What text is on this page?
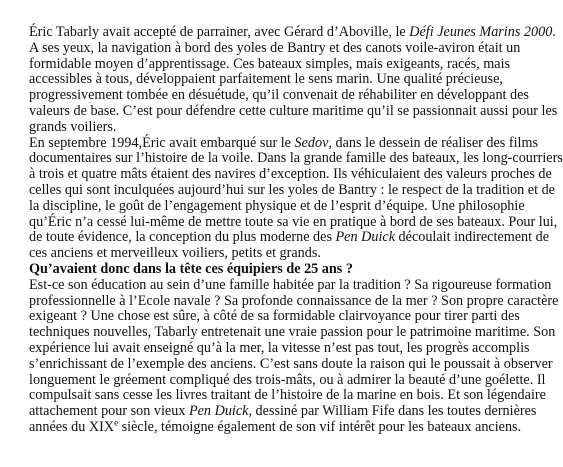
Éric Tabarly avait accepté de parrainer, avec Gérard d’Aboville, le Défi Jeunes Marins 2000.
A ses yeux, la navigation à bord des yoles de Bantry et des canots voile-aviron était un
formidable moyen d’apprentissage. Ces bateaux simples, mais exigeants, racés, mais
accessibles à tous, développaient parfaitement le sens marin. Une qualité précieuse,
progressivement tombée en désuétude, qu’il convenait de réhabiliter en développant des
valeurs de base. C’est pour défendre cette culture maritime qu’il se passionnait aussi pour les
grands voiliers.
En septembre 1994,Éric avait embarqué sur le Sedov, dans le dessein de réaliser des films
documentaires sur l’histoire de la voile. Dans la grande famille des bateaux, les long-courriers
à trois et quatre mâts étaient des navires d’exception. Ils véhiculaient des valeurs proches de
celles qui sont inculquées aujourd’hui sur les yoles de Bantry : le respect de la tradition et de
la discipline, le goût de l’engagement physique et de l’esprit d’équipe. Une philosophie
qu’Éric n’a cessé lui-même de mettre toute sa vie en pratique à bord de ses bateaux. Pour lui,
de toute évidence, la conception du plus moderne des Pen Duick découlait indirectement de
ces anciens et merveilleux voiliers, petits et grands.
Qu’avaient donc dans la tête ces équipiers de 25 ans ?
Est-ce son éducation au sein d’une famille habitée par la tradition ? Sa rigoureuse formation
professionnelle à l’Ecole navale ? Sa profonde connaissance de la mer ? Son propre caractère
exigeant ? Une chose est sûre, à côté de sa formidable clairvoyance pour tirer parti des
techniques nouvelles, Tabarly entretenait une vraie passion pour le patrimoine maritime. Son
expérience lui avait enseigné qu’à la mer, la vitesse n’est pas tout, les progrès accomplis
s’enrichissant de l’exemple des anciens. C’est sans doute la raison qui le poussait à observer
longuement le gréement compliqué des trois-mâts, ou à admirer la beauté d’une goélette. Il
compulsait sans cesse les livres traitant de l’histoire de la marine en bois. Et son légendaire
attachement pour son vieux Pen Duick, dessiné par William Fife dans les toutes dernières
années du XIXe siècle, témoigne également de son vif intérêt pour les bateaux anciens.
